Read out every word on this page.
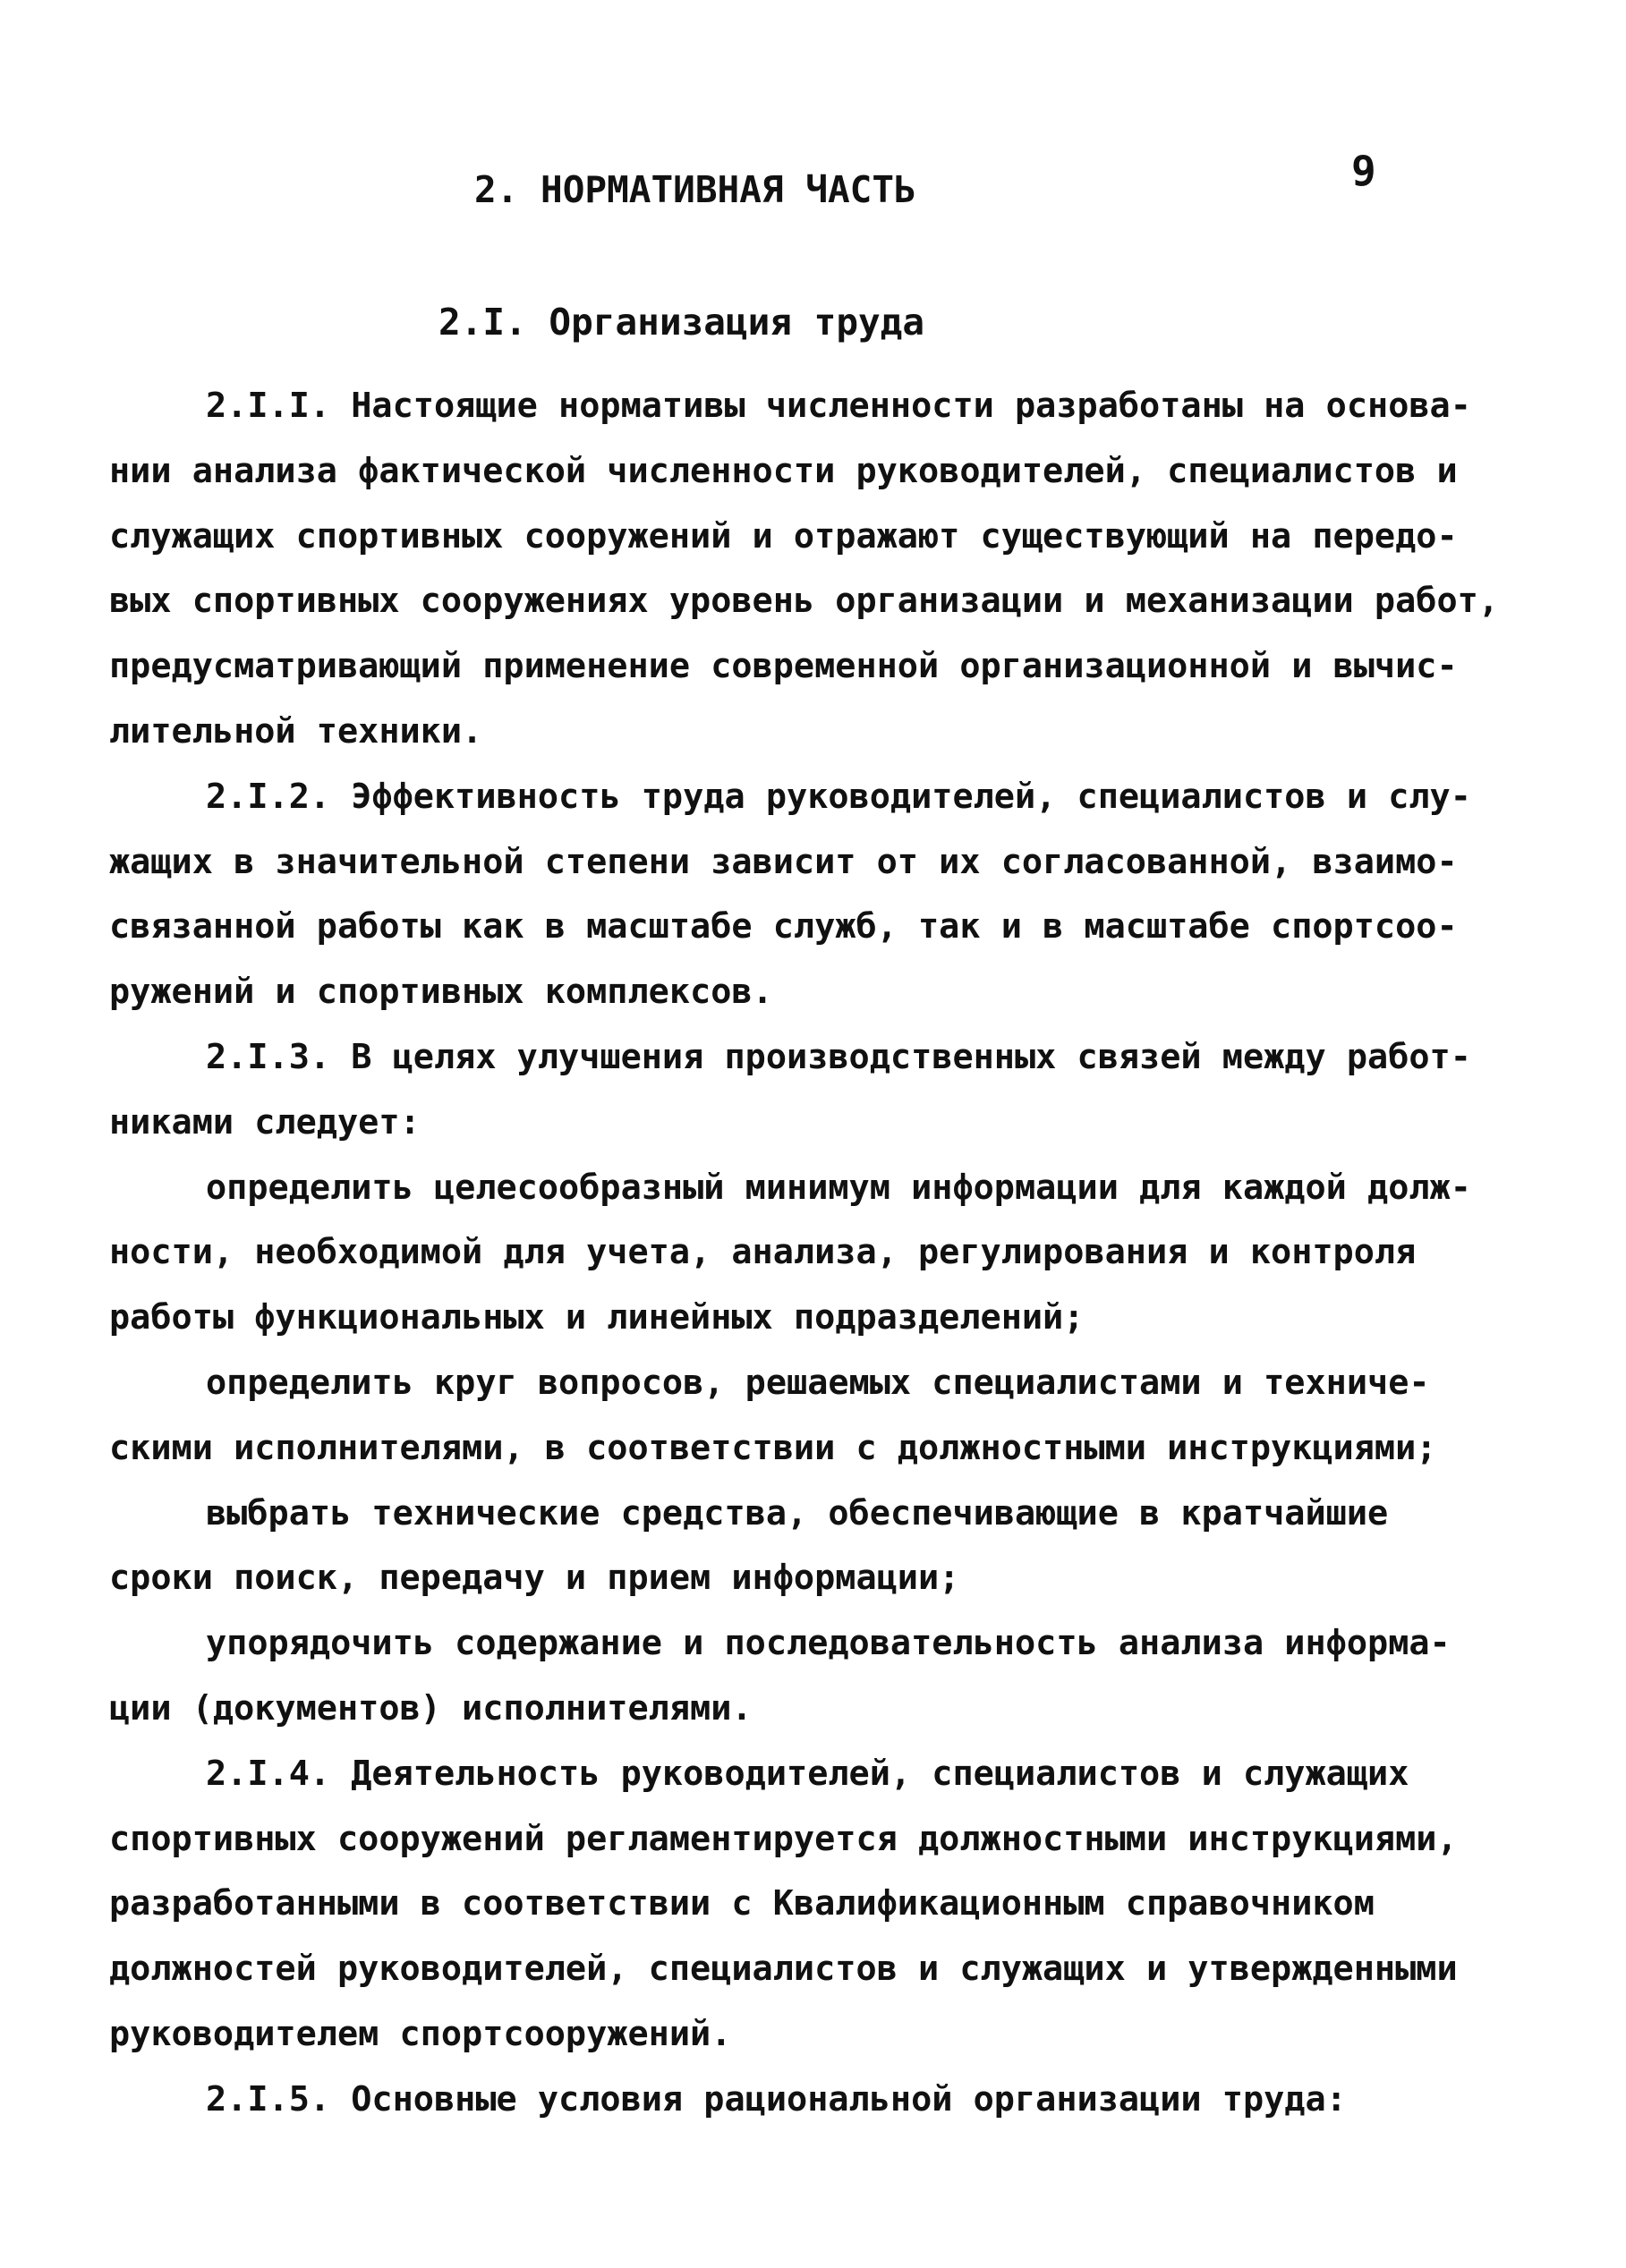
9
2. НОРМАТИВНАЯ ЧАСТЬ
2.I. Организация труда
2.I.I. Настоящие нормативы численности разработаны на основа-
нии анализа фактической численности руководителей, специалистов и
служащих спортивных сооружений и отражают существующий на передо-
вых спортивных сооружениях уровень организации и механизации работ,
предусматривающий применение современной организационной и вычис-
лительной техники.
2.I.2. Эффективность труда руководителей, специалистов и слу-
жащих в значительной степени зависит от их согласованной, взаимо-
связанной работы как в масштабе служб, так и в масштабе спортсоо-
ружений и спортивных комплексов.
2.I.3. В целях улучшения производственных связей между работ-
никами следует:
определить целесообразный минимум информации для каждой долж-
ности, необходимой для учета, анализа, регулирования и контроля
работы функциональных и линейных подразделений;
определить круг вопросов, решаемых специалистами и техниче-
скими исполнителями, в соответствии с должностными инструкциями;
выбрать технические средства, обеспечивающие в кратчайшие
сроки поиск, передачу и прием информации;
упорядочить содержание и последовательность анализа информа-
ции (документов) исполнителями.
2.I.4. Деятельность руководителей, специалистов и служащих
спортивных сооружений регламентируется должностными инструкциями,
разработанными в соответствии с Квалификационным справочником
должностей руководителей, специалистов и служащих и утвержденными
руководителем спортсооружений.
2.I.5. Основные условия рациональной организации труда:
